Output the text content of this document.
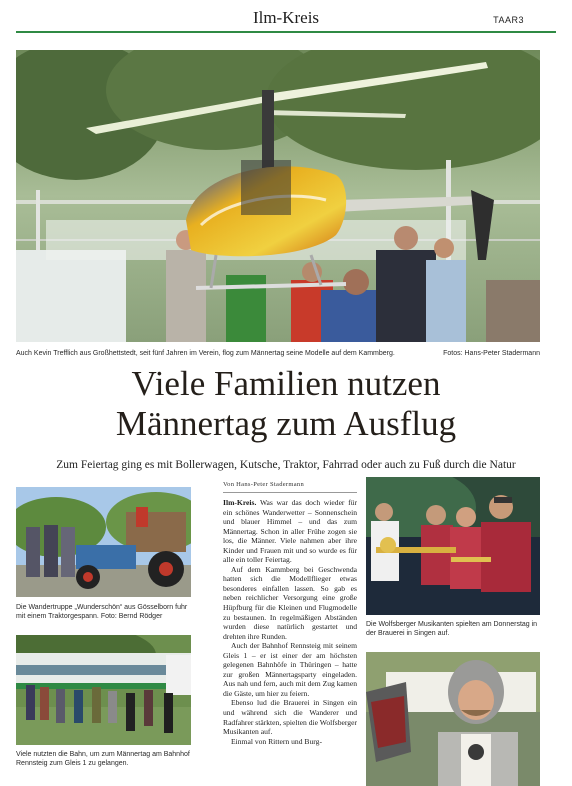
Ilm-Kreis	TAAR3
Auch Kevin Trefflich aus Großhettstedt, seit fünf Jahren im Verein, flog zum Männertag seine Modelle auf dem Kammberg.	Fotos: Hans-Peter Stadermann
Viele Familien nutzen
Männertag zum Ausflug
Zum Feiertag ging es mit Bollerwagen, Kutsche, Traktor, Fahrrad oder auch zu Fuß durch die Natur
Die Wandertruppe „Wunderschön“ aus Gösselborn fuhr mit einem Traktorgespann. Foto: Bernd Rödger
Viele nutzten die Bahn, um zum Männertag am Bahnhof Rennsteig zum Gleis 1 zu gelangen.
Von Hans-Peter Stadermann

Ilm-Kreis. Was war das doch wieder für ein schönes Wanderwetter – Sonnenschein und blauer Himmel – und das zum Männertag. Schon in aller Frühe zogen sie los, die Männer. Viele nahmen aber ihre Kinder und Frauen mit und so wurde es für alle ein toller Feiertag.

Auf dem Kammberg bei Geschwenda hatten sich die Modellflieger etwas besonderes einfallen lassen. So gab es neben reichlicher Versorgung eine große Hüpfburg für die Kleinen und Flugmodelle zu bestaunen. In regelmäßigen Abständen wurden diese natürlich gestartet und drehten ihre Runden.

Auch der Bahnhof Rennsteig mit seinem Gleis 1 – er ist einer der am höchsten gelegenen Bahnhöfe in Thüringen – hatte zur großen Männertagsparty eingeladen. Aus nah und fern, auch mit dem Zug kamen die Gäste, um hier zu feiern.

Ebenso lud die Brauerei in Singen ein und während sich die Wanderer und Radfahrer stärkten, spielten die Wolfsberger Musikanten auf.

Einmal von Rittern und Burg-

Die Wolfsberger Musikanten spielten am Donnerstag in der Brauerei in Singen auf.
